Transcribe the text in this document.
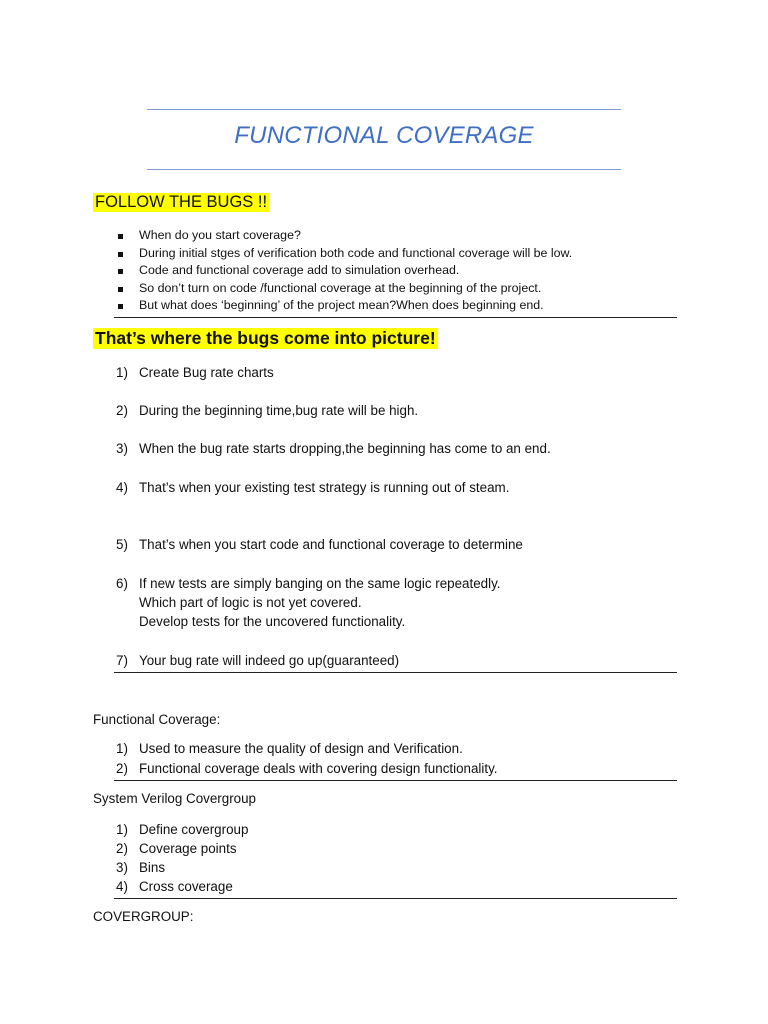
FUNCTIONAL COVERAGE
FOLLOW THE BUGS !!
When do you start coverage?
During initial stges of verification both code and functional coverage will be low.
Code and functional coverage add to simulation overhead.
So don’t turn on code /functional coverage at the beginning of the project.
But what does ‘beginning’ of the project mean?When does beginning end.
That’s where the bugs come into picture!
1) Create Bug rate charts
2) During the beginning time,bug rate will be high.
3) When the bug rate starts dropping,the beginning has come to an end.
4) That’s when your existing test strategy is running out of steam.
5) That’s when you start code and functional coverage to determine
6) If new tests are simply banging on the same logic repeatedly.
Which part of logic is not yet covered.
Develop tests for the uncovered functionality.
7) Your bug rate will indeed go up(guaranteed)
Functional Coverage:
1) Used to measure the quality of design and Verification.
2) Functional coverage deals with covering design functionality.
System Verilog Covergroup
1) Define covergroup
2) Coverage points
3) Bins
4) Cross coverage
COVERGROUP:
